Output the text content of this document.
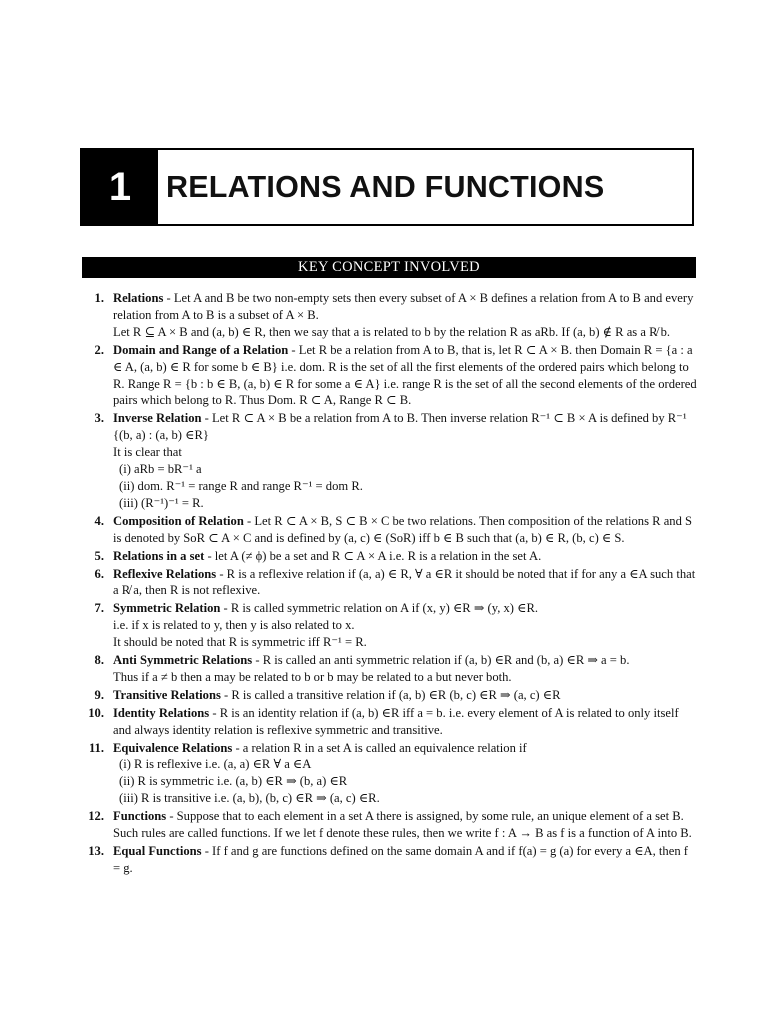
1	RELATIONS AND FUNCTIONS
KEY CONCEPT INVOLVED
1. Relations - Let A and B be two non-empty sets then every subset of A × B defines a relation from A to B and every relation from A to B is a subset of A × B.
Let R ⊆ A × B and (a, b) ∈ R, then we say that a is related to b by the relation R as aRb. If (a, b) ∉ R as a R̸ b.
2. Domain and Range of a Relation - Let R be a relation from A to B, that is, let R ⊂ A × B. then Domain R = {a : a ∈ A, (a, b) ∈ R for some b ∈ B} i.e. dom. R is the set of all the first elements of the ordered pairs which belong to R. Range R = {b : b ∈ B, (a, b) ∈ R for some a ∈ A} i.e. range R is the set of all the second elements of the ordered pairs which belong to R. Thus Dom. R ⊂ A, Range R ⊂ B.
3. Inverse Relation - Let R ⊂ A × B be a relation from A to B. Then inverse relation R⁻¹ ⊂ B × A is defined by R⁻¹ {(b, a) : (a, b) ∈R}
It is clear that
(i) aRb = bR⁻¹ a
(ii) dom. R⁻¹ = range R and range R⁻¹ = dom R.
(iii) (R⁻¹)⁻¹ = R.
4. Composition of Relation - Let R ⊂ A × B, S ⊂ B × C be two relations. Then composition of the relations R and S is denoted by SoR ⊂ A × C and is defined by (a, c) ∈ (SoR) iff b ∈ B such that (a, b) ∈ R, (b, c) ∈ S.
5. Relations in a set - let A (≠ ϕ) be a set and R ⊂ A × A i.e. R is a relation in the set A.
6. Reflexive Relations - R is a reflexive relation if (a, a) ∈ R, ∀ a ∈R it should be noted that if for any a ∈A such that a R̸ a, then R is not reflexive.
7. Symmetric Relation - R is called symmetric relation on A if (x, y) ∈R ⇒ (y, x) ∈R.
i.e. if x is related to y, then y is also related to x.
It should be noted that R is symmetric iff R⁻¹ = R.
8. Anti Symmetric Relations - R is called an anti symmetric relation if (a, b) ∈R and (b, a) ∈R ⇒ a = b.
Thus if a ≠ b then a may be related to b or b may be related to a but never both.
9. Transitive Relations - R is called a transitive relation if (a, b) ∈R (b, c) ∈R ⇒ (a, c) ∈R
10. Identity Relations - R is an identity relation if (a, b) ∈R iff a = b. i.e. every element of A is related to only itself and always identity relation is reflexive symmetric and transitive.
11. Equivalence Relations - a relation R in a set A is called an equivalence relation if
(i) R is reflexive i.e. (a, a) ∈R ∀ a ∈A
(ii) R is symmetric i.e. (a, b) ∈R ⇒ (b, a) ∈R
(iii) R is transitive i.e. (a, b), (b, c) ∈R ⇒ (a, c) ∈R.
12. Functions - Suppose that to each element in a set A there is assigned, by some rule, an unique element of a set B. Such rules are called functions. If we let f denote these rules, then we write f : A → B as f is a function of A into B.
13. Equal Functions - If f and g are functions defined on the same domain A and if f(a) = g (a) for every a ∈A, then f = g.
